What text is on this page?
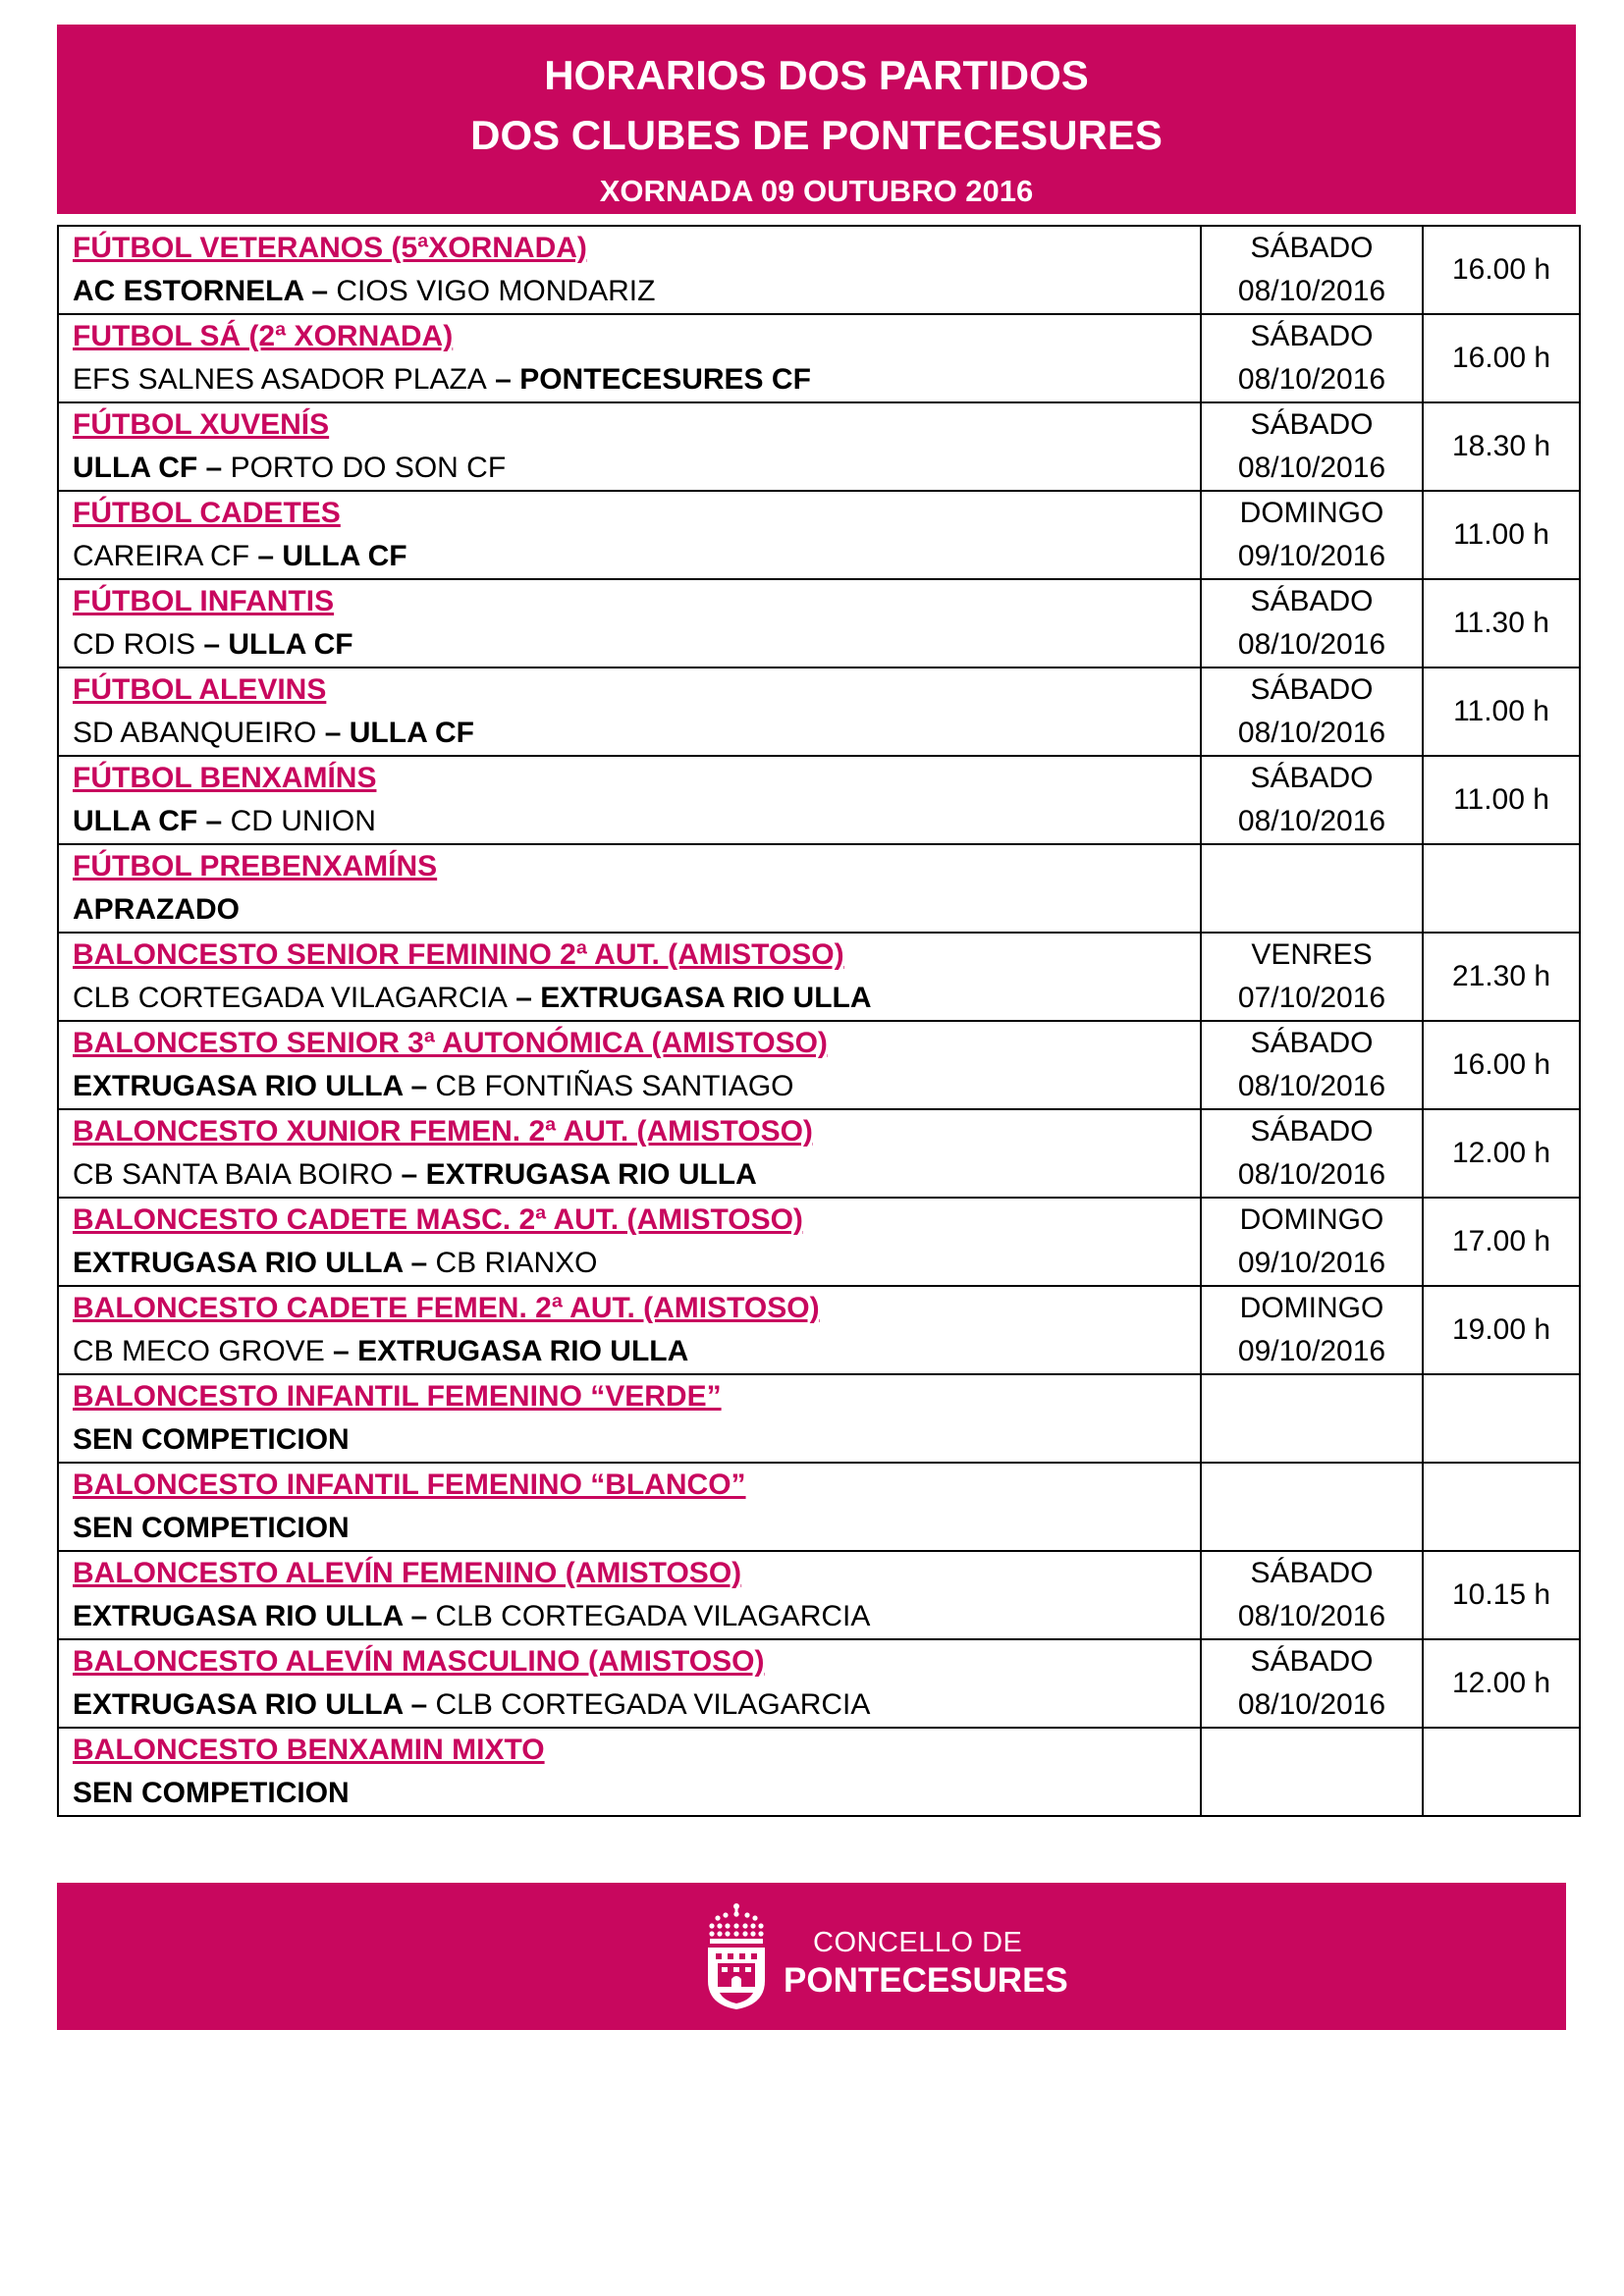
HORARIOS DOS PARTIDOS
DOS CLUBES DE PONTECESURES
XORNADA 09 OUTUBRO 2016
FÚTBOL VETERANOS (5ªXORNADA)
AC ESTORNELA – CIOS VIGO MONDARIZ	SÁBADO
08/10/2016	16.00 h

FUTBOL SÁ (2ª XORNADA)
EFS SALNES ASADOR PLAZA – PONTECESURES CF	SÁBADO
08/10/2016	16.00 h

FÚTBOL XUVENÍS
ULLA CF – PORTO DO SON CF	SÁBADO
08/10/2016	18.30 h

FÚTBOL CADETES
CAREIRA CF – ULLA CF	DOMINGO
09/10/2016	11.00 h

FÚTBOL INFANTIS
CD ROIS – ULLA CF	SÁBADO
08/10/2016	11.30 h

FÚTBOL ALEVINS
SD ABANQUEIRO – ULLA CF	SÁBADO
08/10/2016	11.00 h

FÚTBOL BENXAMÍNS
ULLA CF – CD UNION	SÁBADO
08/10/2016	11.00 h

FÚTBOL PREBENXAMÍNS
APRAZADO		

BALONCESTO SENIOR FEMININO 2ª AUT. (AMISTOSO)
CLB CORTEGADA VILAGARCIA – EXTRUGASA RIO ULLA	VENRES
07/10/2016	21.30 h

BALONCESTO SENIOR 3ª AUTONÓMICA (AMISTOSO)
EXTRUGASA RIO ULLA – CB FONTIÑAS SANTIAGO	SÁBADO
08/10/2016	16.00 h

BALONCESTO XUNIOR FEMEN. 2ª AUT. (AMISTOSO)
CB SANTA BAIA BOIRO – EXTRUGASA RIO ULLA	SÁBADO
08/10/2016	12.00 h

BALONCESTO CADETE MASC. 2ª AUT. (AMISTOSO)
EXTRUGASA RIO ULLA – CB RIANXO	DOMINGO
09/10/2016	17.00 h

BALONCESTO CADETE FEMEN. 2ª AUT. (AMISTOSO)
CB MECO GROVE – EXTRUGASA RIO ULLA	DOMINGO
09/10/2016	19.00 h

BALONCESTO INFANTIL FEMENINO “VERDE”
SEN COMPETICION		

BALONCESTO INFANTIL FEMENINO “BLANCO”
SEN COMPETICION		

BALONCESTO ALEVÍN FEMENINO (AMISTOSO)
EXTRUGASA RIO ULLA – CLB CORTEGADA VILAGARCIA	SÁBADO
08/10/2016	10.15 h

BALONCESTO ALEVÍN MASCULINO (AMISTOSO)
EXTRUGASA RIO ULLA – CLB CORTEGADA VILAGARCIA	SÁBADO
08/10/2016	12.00 h

BALONCESTO BENXAMIN MIXTO
SEN COMPETICION		

CONCELLO DE
PONTECESURES
